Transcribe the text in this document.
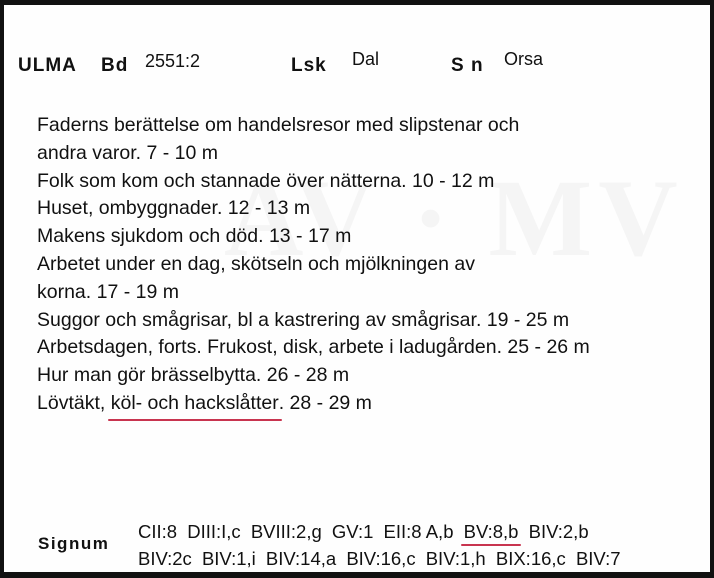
ULMA Bd 2551:2	Lsk Dal	S n Orsa
Faderns berättelse om handelsresor med slipstenar och
andra varor. 7 - 10 m
Folk som kom och stannade över nätterna. 10 - 12 m
Huset, ombyggnader. 12 - 13 m
Makens sjukdom och död. 13 - 17 m
Arbetet under en dag, skötseln och mjölkningen av
korna. 17 - 19 m
Suggor och smågrisar, bl a kastrering av smågrisar. 19 - 25 m
Arbetsdagen, forts. Frukost, disk, arbete i ladugården. 25 - 26 m
Hur man gör brässelbytta. 26 - 28 m
Lövtäkt, köl- och hackslåtter. 28 - 29 m
Signum
CII:8 DIII:I,c BVIII:2,g GV:1 EII:8 A,b BV:8,b BIV:2,b
BIV:2c BIV:1,i BIV:14,a BIV:16,c BIV:1,h BIX:16,c BIV:7
